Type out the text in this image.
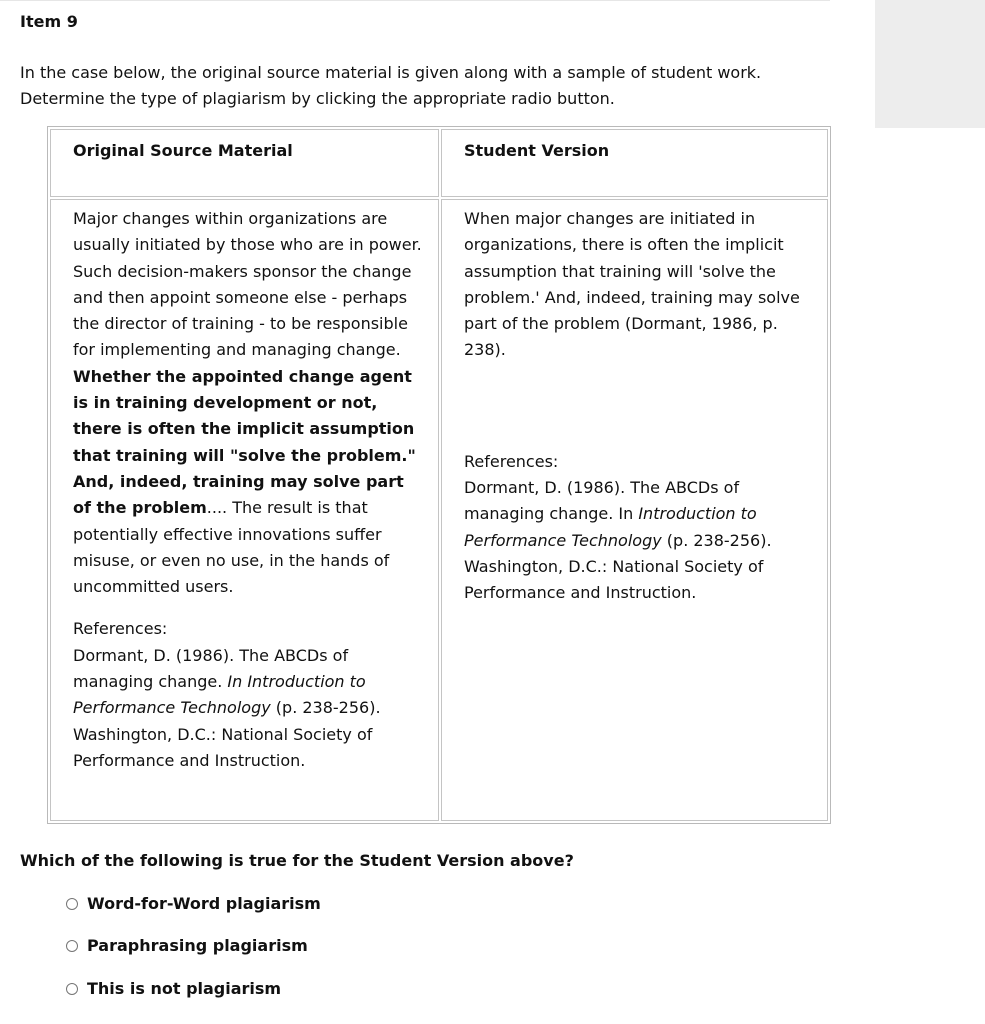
Item 9
In the case below, the original source material is given along with a sample of student work.
Determine the type of plagiarism by clicking the appropriate radio button.
Original Source Material	Student Version

Major changes within organizations are usually initiated by those who are in power. Such decision-makers sponsor the change and then appoint someone else - perhaps the director of training - to be responsible for implementing and managing change. Whether the appointed change agent is in training development or not, there is often the implicit assumption that training will "solve the problem." And, indeed, training may solve part of the problem.... The result is that potentially effective innovations suffer misuse, or even no use, in the hands of uncommitted users.

References:
Dormant, D. (1986). The ABCDs of managing change. In Introduction to Performance Technology (p. 238-256). Washington, D.C.: National Society of Performance and Instruction.

When major changes are initiated in organizations, there is often the implicit assumption that training will 'solve the problem.' And, indeed, training may solve part of the problem (Dormant, 1986, p. 238).

References:
Dormant, D. (1986). The ABCDs of managing change. In Introduction to Performance Technology (p. 238-256). Washington, D.C.: National Society of Performance and Instruction.
Which of the following is true for the Student Version above?
Word-for-Word plagiarism
Paraphrasing plagiarism
This is not plagiarism
